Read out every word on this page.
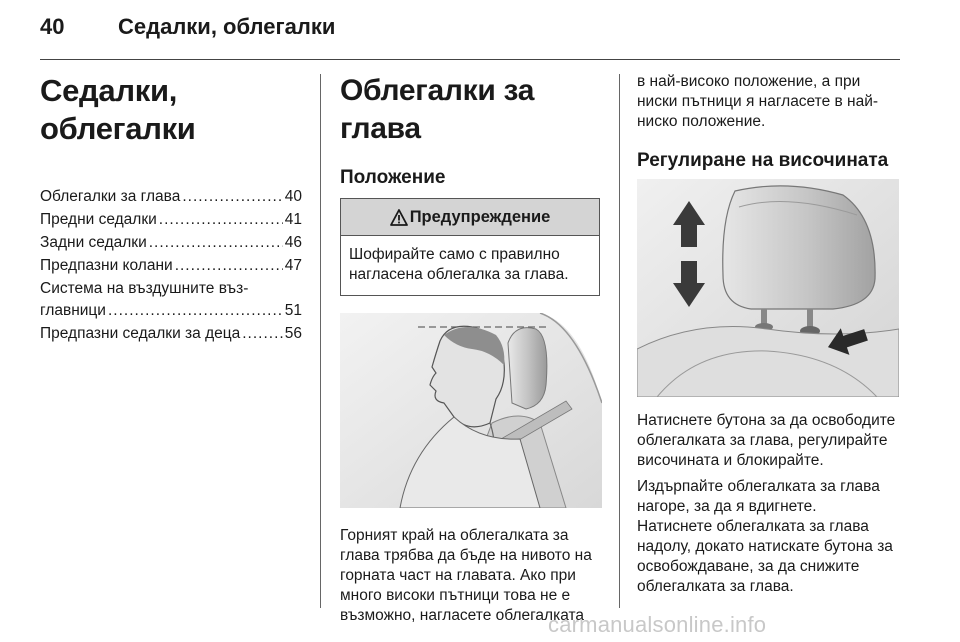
40 Седалки, облегалки
Седалки, облегалки
Облегалки за глава .....	40
Предни седалки .....	41
Задни седалки .....	46
Предпазни колани .....	47
Система на въздушните въз-
главници .....	51
Предпазни седалки за деца .....	56
Облегалки за глава
Положение
Предупреждение
Шофирайте само с правилно нагласена облегалка за глава.

Горният край на облегалката за глава трябва да бъде на нивото на горната част на главата. Ако при много високи пътници това не е възможно, нагласете облегалката

в най-високо положение, а при ниски пътници я нагласете в най-ниско положение.

Регулиране на височината

Натиснете бутона за да освободите облегалката за глава, регулирайте височината и блокирайте.

Издърпайте облегалката за глава нагоре, за да я вдигнете.

Натиснете облегалката за глава надолу, докато натискате бутона за освобождаване, за да снижите облегалката за глава.

carmanualsonline.info
